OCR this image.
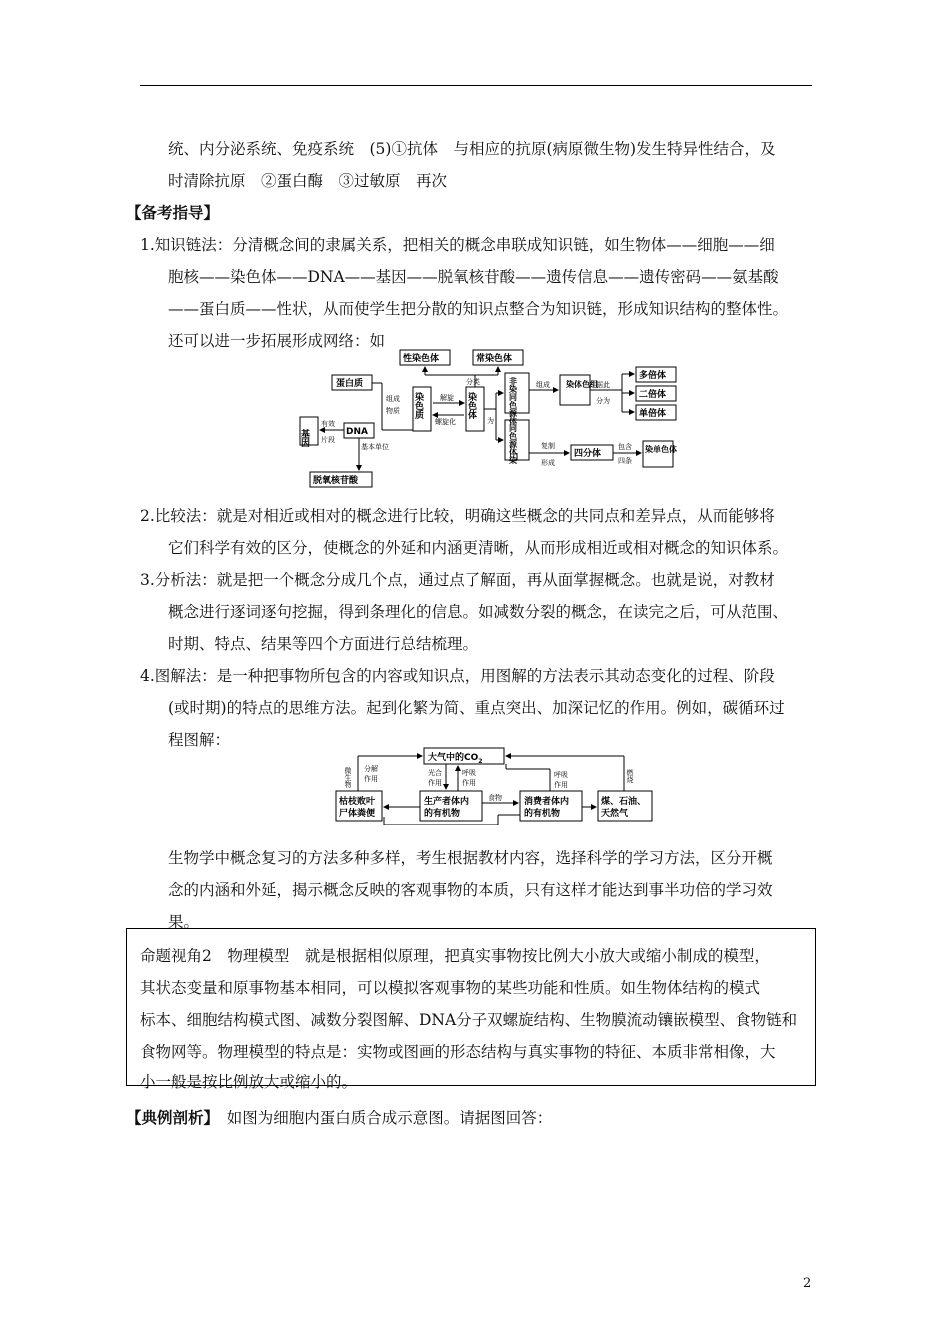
统、内分泌系统、免疫系统　(5)①抗体　与相应的抗原(病原微生物)发生特异性结合，及
时清除抗原　②蛋白酶　③过敏原　再次
【备考指导】
1.知识链法：分清概念间的隶属关系，把相关的概念串联成知识链，如生物体——细胞——细
胞核——染色体——DNA——基因——脱氧核苷酸——遗传信息——遗传密码——氨基酸
——蛋白质——性状，从而使学生把分散的知识点整合为知识链，形成知识结构的整体性。
还可以进一步拓展形成网络：如
性染色体	常染色体
蛋白质
DNA
基因
脱氧核苷酸
染色质	染色体	非染同色源体	染体色组
同色源体染
多倍体
二倍体
单倍体
四分体	染单色体
有效
片段
基本单位
组成
物质
解旋
螺旋化
分类
为
组成	据此
分为
复制
形成
包含
四条
2.比较法：就是对相近或相对的概念进行比较，明确这些概念的共同点和差异点，从而能够将
它们科学有效的区分，使概念的外延和内涵更清晰，从而形成相近或相对概念的知识体系。
3.分析法：就是把一个概念分成几个点，通过点了解面，再从面掌握概念。也就是说，对教材
概念进行逐词逐句挖掘，得到条理化的信息。如减数分裂的概念，在读完之后，可从范围、
时期、特点、结果等四个方面进行总结梳理。
4.图解法：是一种把事物所包含的内容或知识点，用图解的方法表示其动态变化的过程、阶段
(或时期)的特点的思维方法。起到化繁为简、重点突出、加深记忆的作用。例如，碳循环过
程图解：
大气中的$CO_2$
枯枝败叶
尸体粪便
生产者体内
的有机物
消费者体内
的有机物
煤、石油、
天然气
微生物 分解
作用
光合
作用
呼吸
作用
呼吸
作用
燃烧
食物
生物学中概念复习的方法多种多样，考生根据教材内容，选择科学的学习方法，区分开概
念的内涵和外延，揭示概念反映的客观事物的本质，只有这样才能达到事半功倍的学习效
果。
命题视角2　物理模型　就是根据相似原理，把真实事物按比例大小放大或缩小制成的模型，
其状态变量和原事物基本相同，可以模拟客观事物的某些功能和性质。如生物体结构的模式
标本、细胞结构模式图、减数分裂图解、DNA分子双螺旋结构、生物膜流动镶嵌模型、食物链和
食物网等。物理模型的特点是：实物或图画的形态结构与真实事物的特征、本质非常相像，大
小一般是按比例放大或缩小的。
【典例剖析】　如图为细胞内蛋白质合成示意图。请据图回答：
2
